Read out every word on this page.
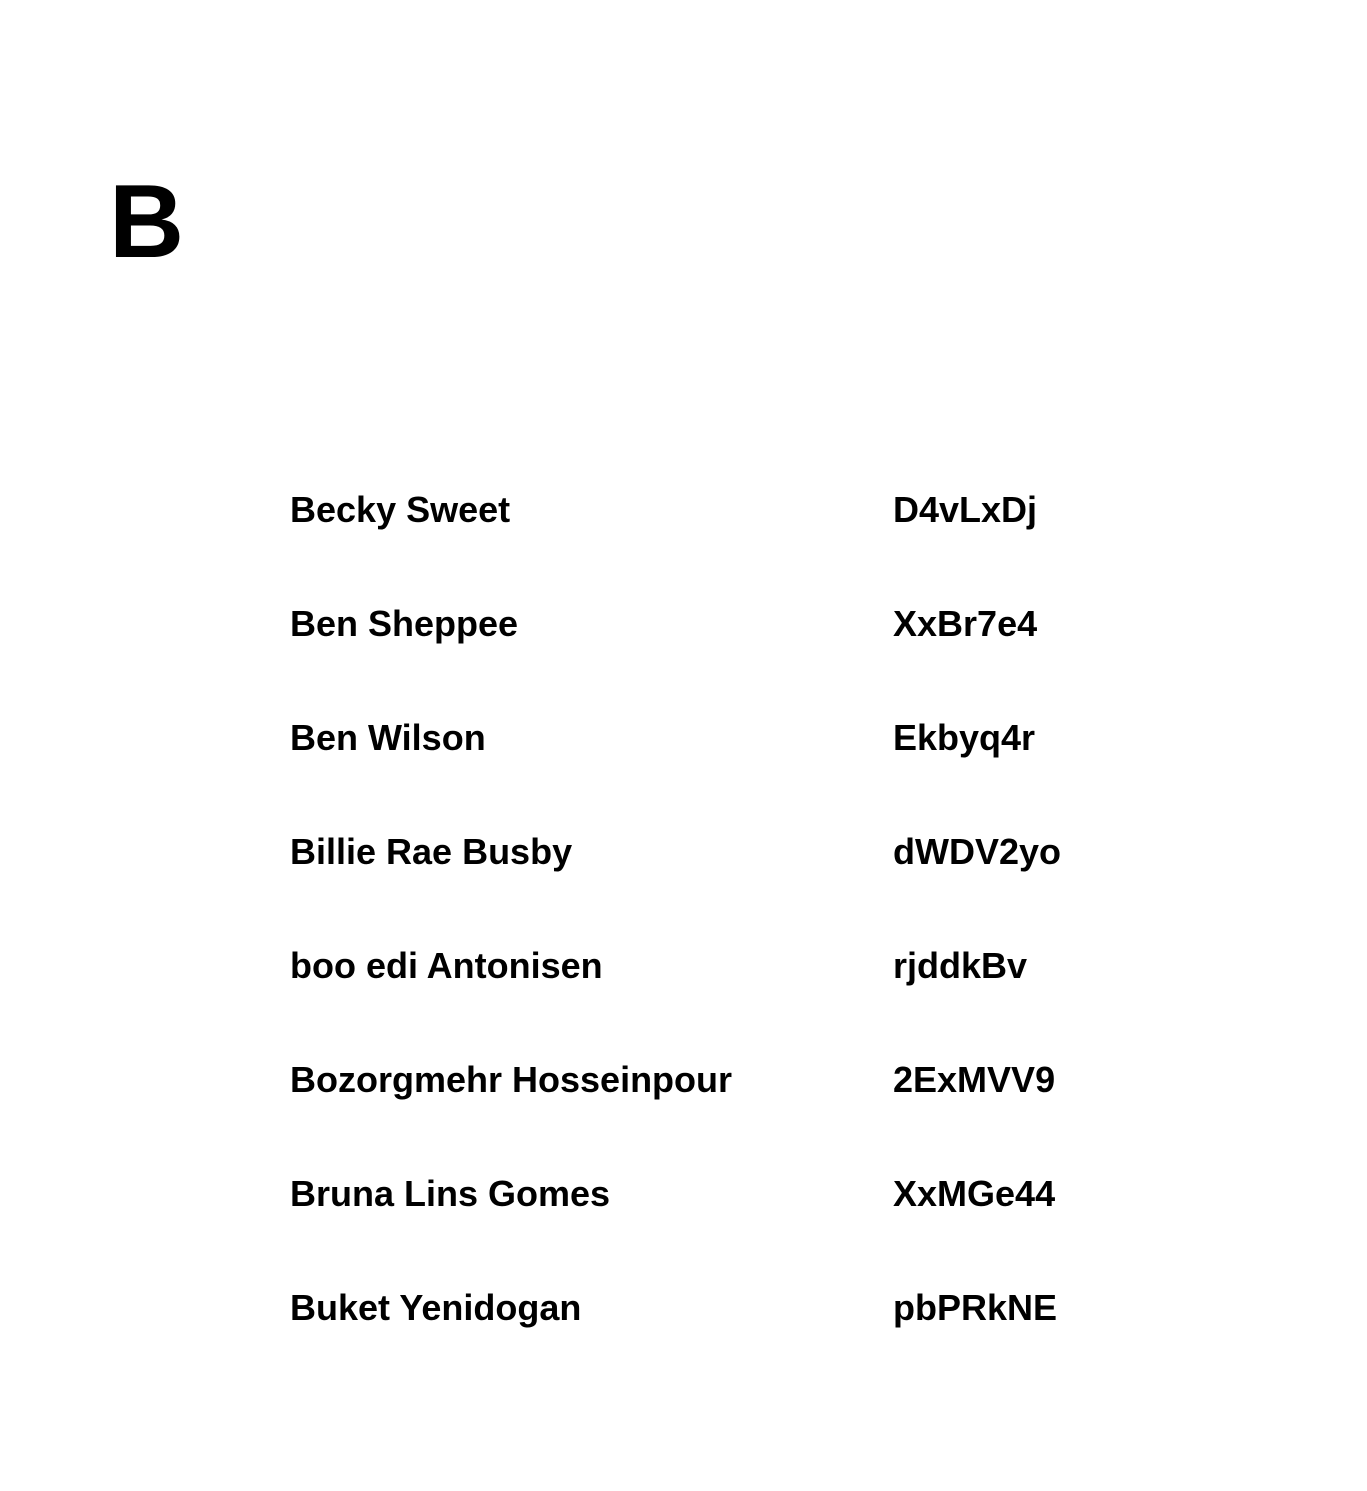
B
Becky Sweet	D4vLxDj
Ben Sheppee	XxBr7e4
Ben Wilson	Ekbyq4r
Billie Rae Busby	dWDV2yo
boo edi Antonisen	rjddkBv
Bozorgmehr Hosseinpour	2ExMVV9
Bruna Lins Gomes	XxMGe44
Buket Yenidogan	pbPRkNE
